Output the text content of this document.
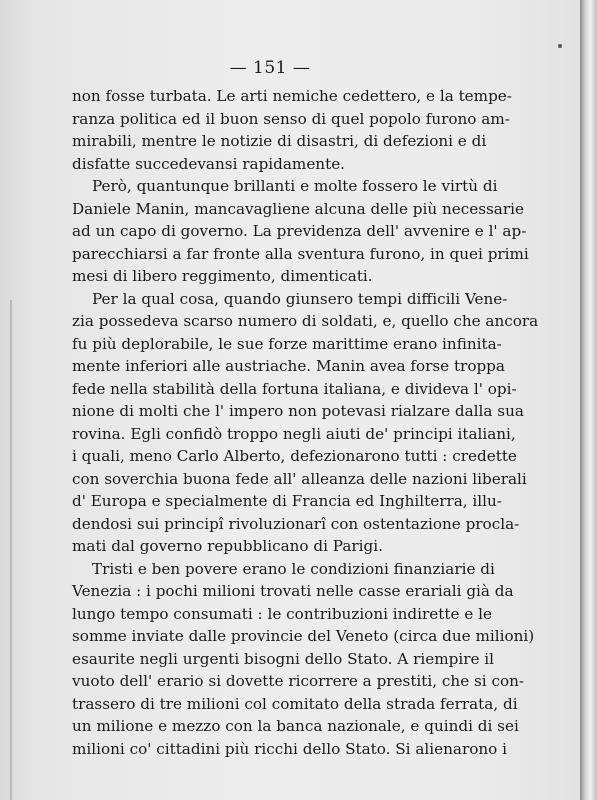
— 151 —
non fosse turbata. Le arti nemiche cedettero, e la tempe-
ranza politica ed il buon senso di quel popolo furono am-
mirabili, mentre le notizie di disastri, di defezioni e di
disfatte succedevansi rapidamente.
Però, quantunque brillanti e molte fossero le virtù di
Daniele Manin, mancavagliene alcuna delle più necessarie
ad un capo di governo. La previdenza dell' avvenire e l' ap-
parecchiarsi a far fronte alla sventura furono, in quei primi
mesi di libero reggimento, dimenticati.
Per la qual cosa, quando giunsero tempi difficili Vene-
zia possedeva scarso numero di soldati, e, quello che ancora
fu più deplorabile, le sue forze marittime erano infinita-
mente inferiori alle austriache. Manin avea forse troppa
fede nella stabilità della fortuna italiana, e divideva l' opi-
nione di molti che l' impero non potevasi rialzare dalla sua
rovina. Egli confidò troppo negli aiuti de' principi italiani,
i quali, meno Carlo Alberto, defezionarono tutti : credette
con soverchia buona fede all' alleanza delle nazioni liberali
d' Europa e specialmente di Francia ed Inghilterra, illu-
dendosi sui principî rivoluzionarî con ostentazione procla-
mati dal governo repubblicano di Parigi.
Tristi e ben povere erano le condizioni finanziarie di
Venezia : i pochi milioni trovati nelle casse erariali già da
lungo tempo consumati : le contribuzioni indirette e le
somme inviate dalle provincie del Veneto (circa due milioni)
esaurite negli urgenti bisogni dello Stato. A riempire il
vuoto dell' erario si dovette ricorrere a prestiti, che si con-
trassero di tre milioni col comitato della strada ferrata, di
un milione e mezzo con la banca nazionale, e quindi di sei
milioni co' cittadini più ricchi dello Stato. Si alienarono i
